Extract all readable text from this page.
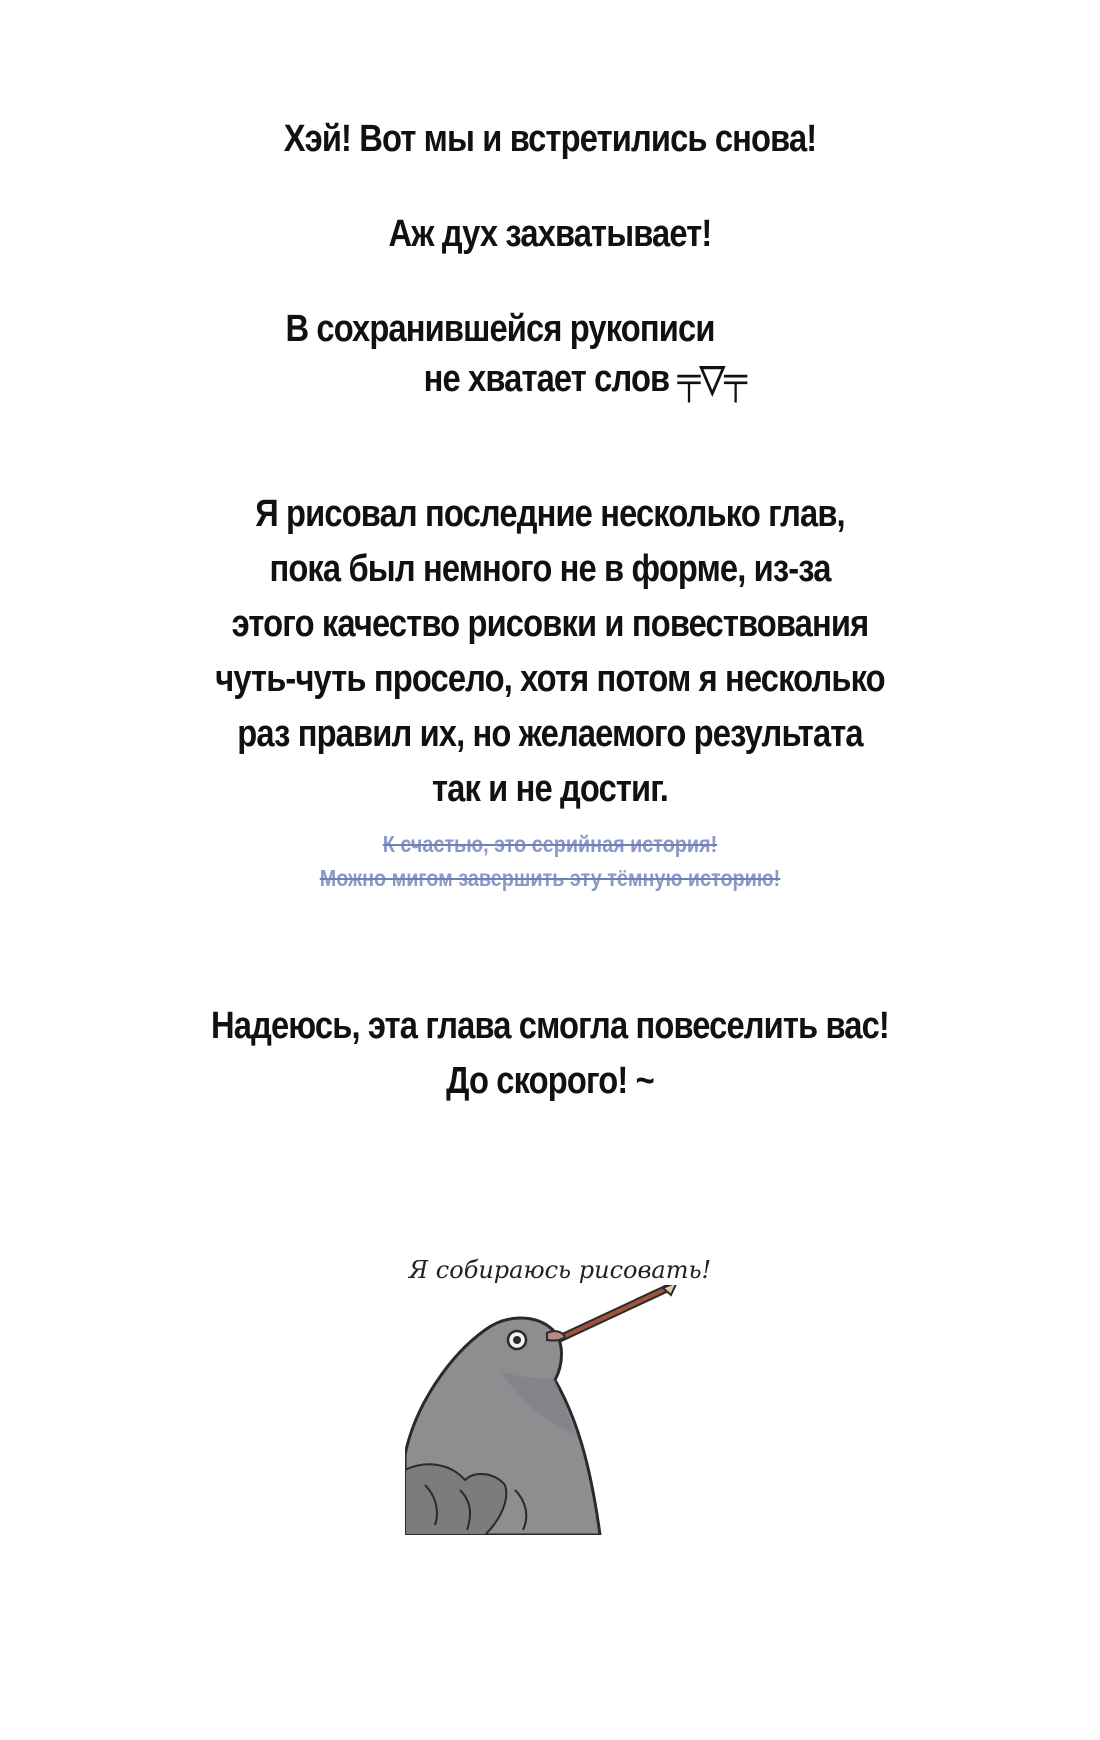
Хэй! Вот мы и встретились снова!
Аж дух захватывает!
В сохранившейся рукописи
не хватает слов ╤▽╤
Я рисовал последние несколько глав,
пока был немного не в форме, из-за
этого качество рисовки и повествования
чуть-чуть просело, хотя потом я несколько
раз правил их, но желаемого результата
так и не достиг.
К счастью, это серийная история!
Можно мигом завершить эту тёмную историю!
Надеюсь, эта глава смогла повеселить вас!
До скорого! ~
Я собираюсь рисовать!
